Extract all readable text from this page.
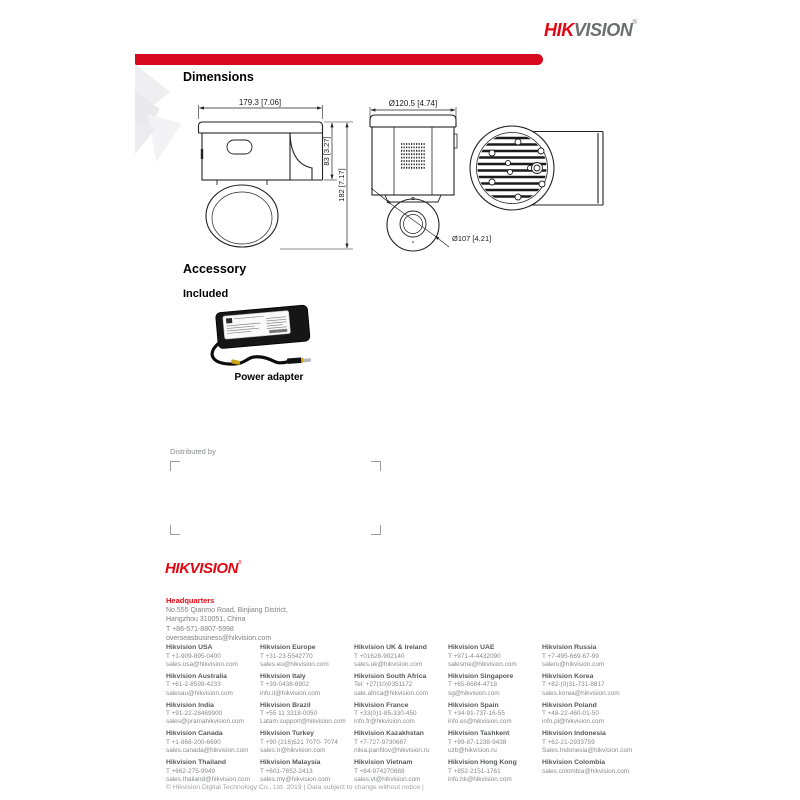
HIKVISION®
Dimensions
179.3 [7.06]
83 [3.27]
182 [7.17]
Ø120.5 [4.74]
Ø107 [4.21]
Accessory
Included
Power adapter
Distributed by
HIKVISION®
Headquarters

No.555 Qianmo Road, Binjiang District,

Hangzhou 310051, China

T +86-571-8807-5998

overseasbusiness@hikvision.com

Hikvision USA
T +1-909-895-0400
sales.usa@hikvision.com
Hikvision Australia
T +61-2-8599-4233
salesau@hikvision.com
Hikvision India
T +91-22-28469900
sales@pramahikvision.com
Hikvision Canada
T +1-866-200-6690
sales.canada@hikvision.com
Hikvision Thailand
T +662-275-9949
sales.thailand@hikvision.com
Hikvision Europe
T +31-23-5542770
sales.eu@hikvision.com
Hikvision Italy
T +39-0438-6902
info.it@hikvision.com
Hikvision Brazil
T +55 11 3318-0050
Latam.support@hikvision.com
Hikvision Turkey
T +90 (216)521 7070- 7074
sales.tr@hikvision.com
Hikvision Malaysia
T +601-7652-2413
sales.my@hikvision.com
Hikvision UK & Ireland
T +01628-902140
sales.uk@hikvision.com
Hikvision South Africa
Tel: +27(10)0351172
sale.africa@hikvision.com
Hikvision France
T +33(0)1-85-330-450
info.fr@hikvision.com
Hikvision Kazakhstan
T +7-727-9730667
nikia.panfilov@hikvision.ru
Hikvision Vietnam
T +84-974270888
sales.vt@hikvision.com
Hikvision UAE
T +971-4-4432090
salesme@hikvision.com
Hikvision Singapore
T +65-6684-4718
sg@hikvision.com
Hikvision Spain
T +34-91-737-16-55
info.es@hikvision.com
Hikvision Tashkent
T +99-87-1238-9438
uzb@hikvision.ru
Hikvision Hong Kong
T +852-2151-1761
info.hk@hikvision.com
Hikvision Russia
T +7-495-669-67-99
saleru@hikvision.com
Hikvision Korea
T +82-(0)31-731-8817
sales.korea@hikvision.com
Hikvision Poland
T +48-22-460-01-50
info.pl@hikvision.com
Hikvision Indonesia
T +62-21-2933759
Sales.Indonesia@hikvision.com
Hikvision Colombia
sales.colombia@hikvision.com
© Hikvision Digital Technology Co., Ltd. 2019 | Data subject to change without notice |
